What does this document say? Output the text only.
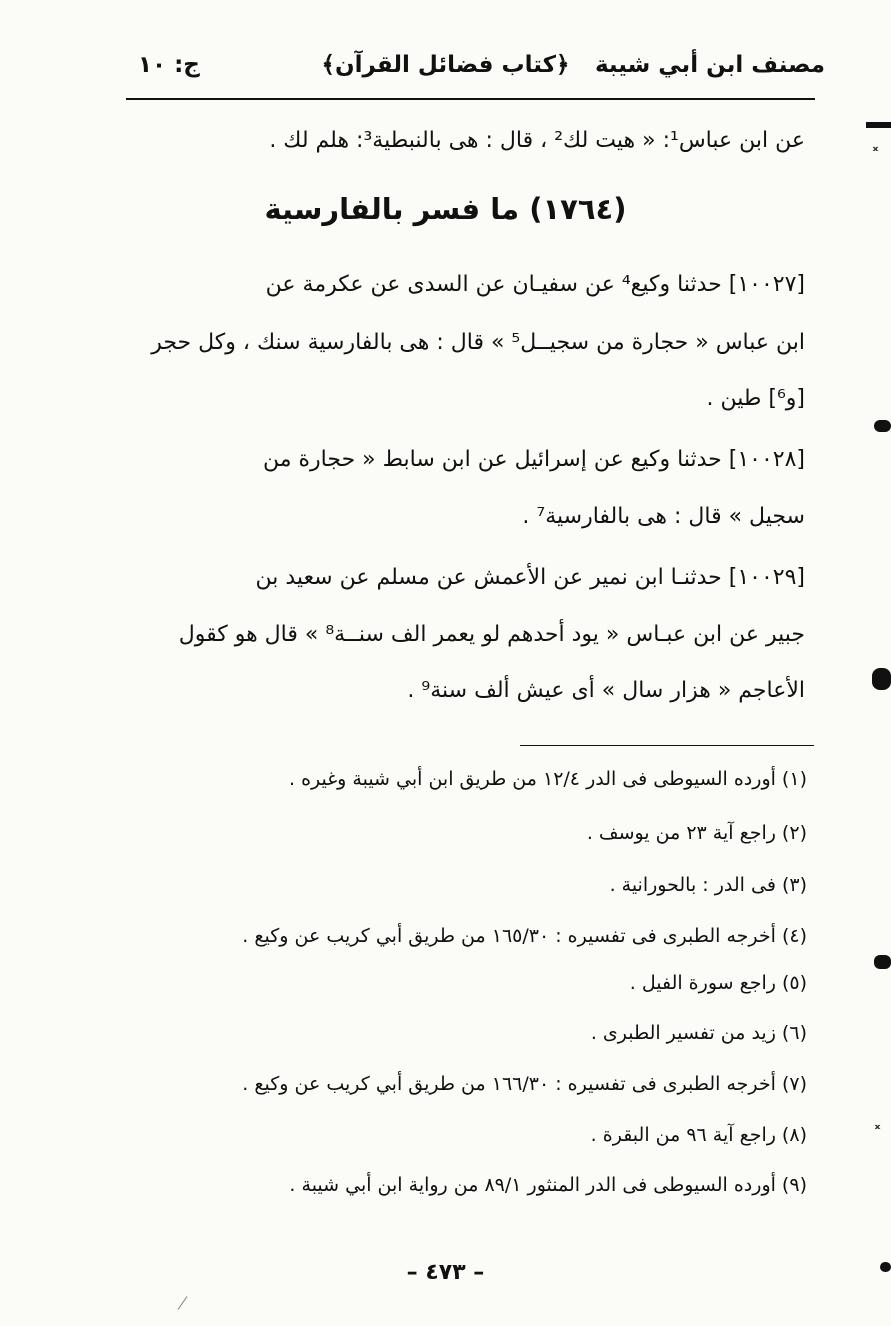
مصنف ابن أبي شيبة
﴿كتاب فضائل القرآن﴾
ج: ١٠
عن ابن عباس¹: « هيت لك² ، قال : هى بالنبطية³: هلم لك .
(١٧٦٤) ما فسر بالفارسية
[١٠٠٢٧] حدثنا وكيع⁴ عن سفيـان عن السدى عن عكرمة عن
ابن عباس « حجارة من سجيــل⁵ » قال : هى بالفارسية سنك ، وكل حجر
[و⁶] طين .
[١٠٠٢٨] حدثنا وكيع عن إسرائيل عن ابن سابط « حجارة من
سجيل » قال : هى بالفارسية⁷ .
[١٠٠٢٩] حدثنـا ابن نمير عن الأعمش عن مسلم عن سعيد بن
جبير عن ابن عبـاس « يود أحدهم لو يعمر الف سنــة⁸ » قال هو كقول
الأعاجم « هزار سال » أى عيش ألف سنة⁹ .
(١) أورده السيوطى فى الدر ١٢/٤ من طريق ابن أبي شيبة وغيره .
(٢) راجع آية ٢٣ من يوسف .
(٣) فى الدر : بالحورانية .
(٤) أخرجه الطبرى فى تفسيره : ١٦٥/٣٠ من طريق أبي كريب عن وكيع .
(٥) راجع سورة الفيل .
(٦) زيد من تفسير الطبرى .
(٧) أخرجه الطبرى فى تفسيره : ١٦٦/٣٠ من طريق أبي كريب عن وكيع .
(٨) راجع آية ٩٦ من البقرة .
(٩) أورده السيوطى فى الدر المنثور ٨٩/١ من رواية ابن أبي شيبة .
– ٤٧٣ –
˟
˟
